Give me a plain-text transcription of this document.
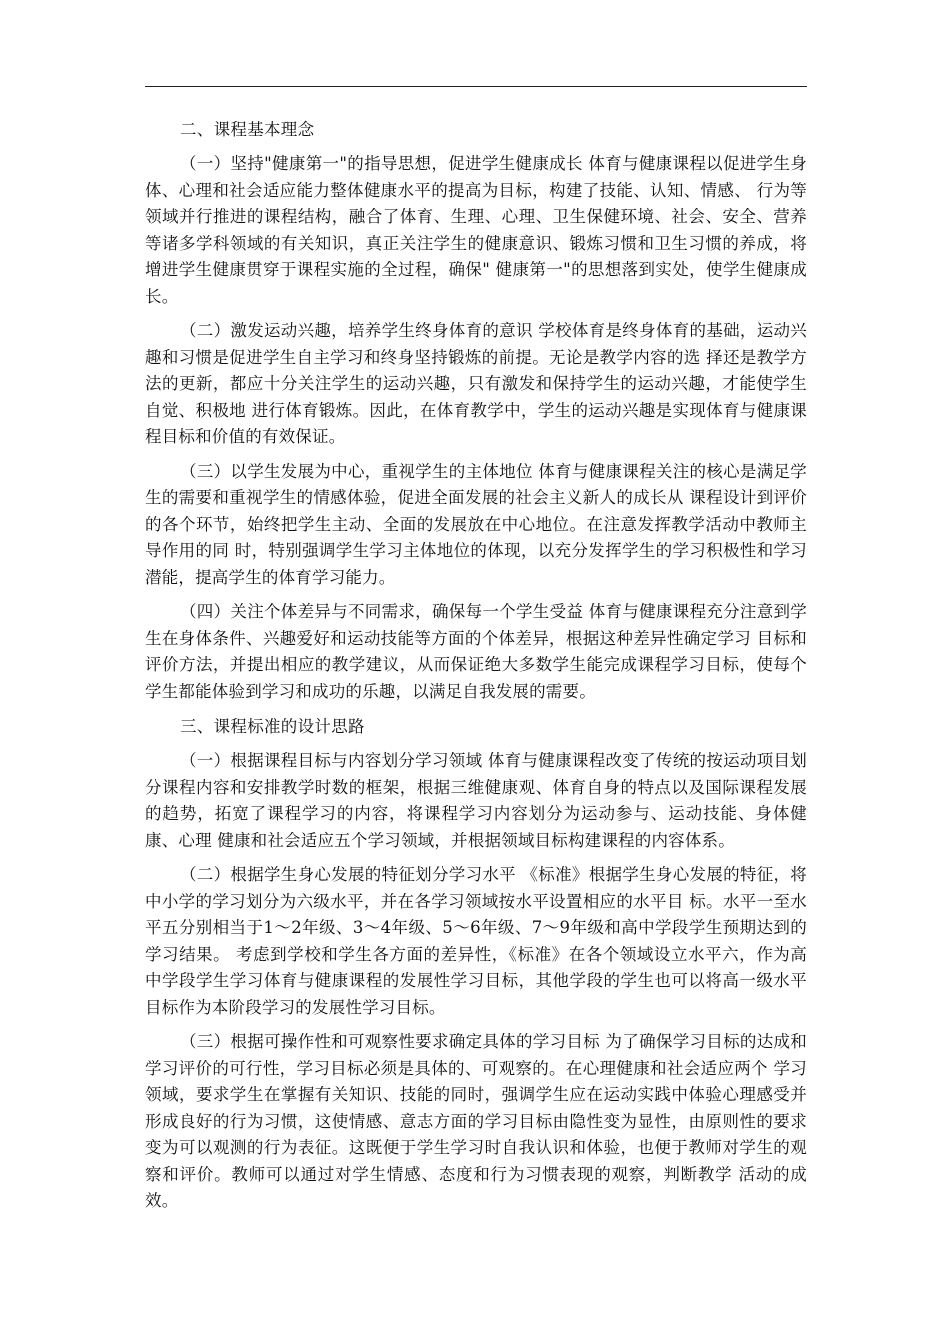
二、课程基本理念

（一）坚持"健康第一"的指导思想，促进学生健康成长 体育与健康课程以促进学生身体、心理和社会适应能力整体健康水平的提高为目标，构建了技能、认知、情感、 行为等领域并行推进的课程结构，融合了体育、生理、心理、卫生保健环境、社会、安全、营养等诸多学科领域的有关知识，真正关注学生的健康意识、锻炼习惯和卫生习惯的养成，将增进学生健康贯穿于课程实施的全过程，确保" 健康第一"的思想落到实处，使学生健康成长。

（二）激发运动兴趣，培养学生终身体育的意识 学校体育是终身体育的基础，运动兴趣和习惯是促进学生自主学习和终身坚持锻炼的前提。无论是教学内容的选 择还是教学方法的更新，都应十分关注学生的运动兴趣，只有激发和保持学生的运动兴趣，才能使学生自觉、积极地 进行体育锻炼。因此，在体育教学中，学生的运动兴趣是实现体育与健康课程目标和价值的有效保证。

（三）以学生发展为中心，重视学生的主体地位 体育与健康课程关注的核心是满足学生的需要和重视学生的情感体验，促进全面发展的社会主义新人的成长从 课程设计到评价的各个环节，始终把学生主动、全面的发展放在中心地位。在注意发挥教学活动中教师主导作用的同 时，特别强调学生学习主体地位的体现，以充分发挥学生的学习积极性和学习潜能，提高学生的体育学习能力。

（四）关注个体差异与不同需求，确保每一个学生受益 体育与健康课程充分注意到学生在身体条件、兴趣爱好和运动技能等方面的个体差异，根据这种差异性确定学习 目标和评价方法，并提出相应的教学建议，从而保证绝大多数学生能完成课程学习目标，使每个学生都能体验到学习和成功的乐趣，以满足自我发展的需要。

三、课程标准的设计思路

（一）根据课程目标与内容划分学习领域 体育与健康课程改变了传统的按运动项目划分课程内容和安排教学时数的框架，根据三维健康观、体育自身的特点以及国际课程发展的趋势，拓宽了课程学习的内容，将课程学习内容划分为运动参与、运动技能、身体健康、心理 健康和社会适应五个学习领域，并根据领域目标构建课程的内容体系。

（二）根据学生身心发展的特征划分学习水平 《标准》根据学生身心发展的特征，将中小学的学习划分为六级水平，并在各学习领域按水平设置相应的水平目 标。水平一至水平五分别相当于1～2年级、3～4年级、5～6年级、7～9年级和高中学段学生预期达到的学习结果。 考虑到学校和学生各方面的差异性，《标准》在各个领域设立水平六，作为高中学段学生学习体育与健康课程的发展性学习目标，其他学段的学生也可以将高一级水平目标作为本阶段学习的发展性学习目标。

（三）根据可操作性和可观察性要求确定具体的学习目标 为了确保学习目标的达成和学习评价的可行性，学习目标必须是具体的、可观察的。在心理健康和社会适应两个 学习领域，要求学生在掌握有关知识、技能的同时，强调学生应在运动实践中体验心理感受并形成良好的行为习惯，这使情感、意志方面的学习目标由隐性变为显性，由原则性的要求变为可以观测的行为表征。这既便于学生学习时自我认识和体验，也便于教师对学生的观察和评价。教师可以通过对学生情感、态度和行为习惯表现的观察，判断教学 活动的成效。
